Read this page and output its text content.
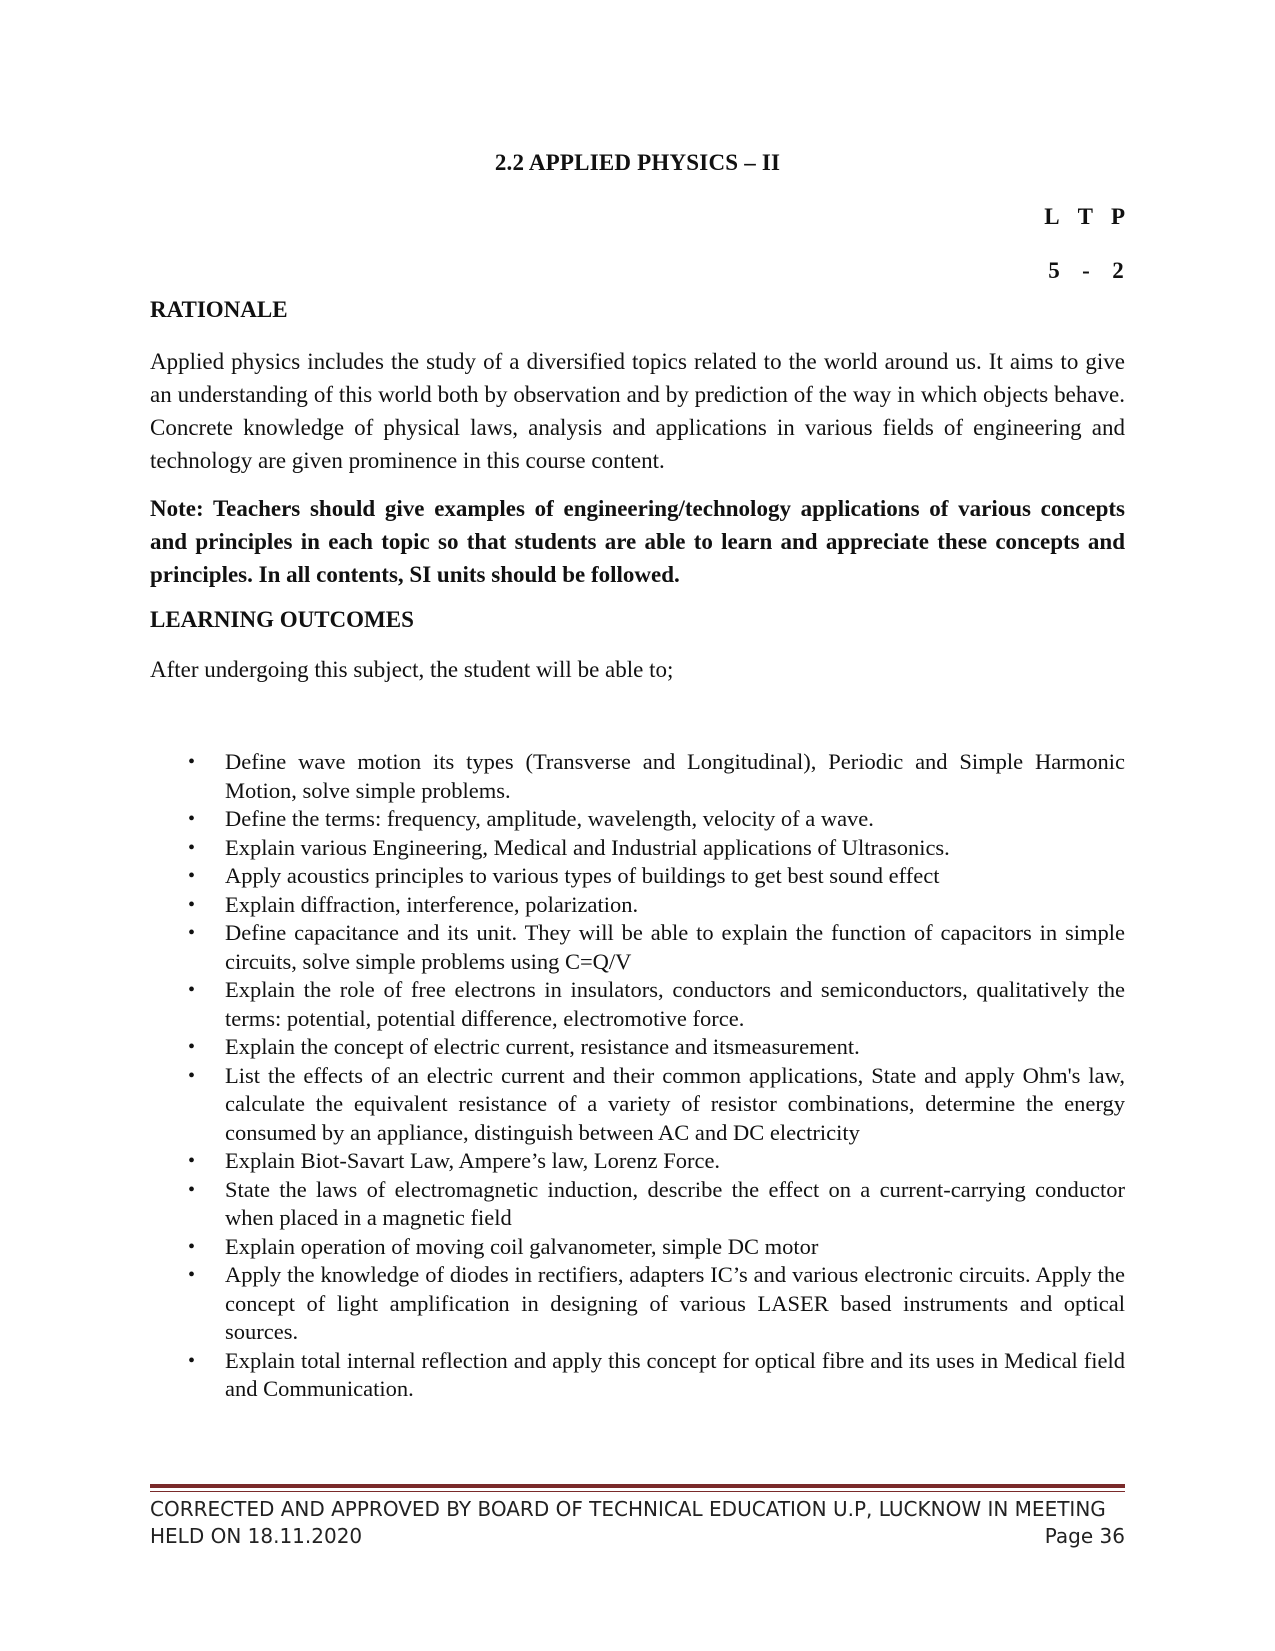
2.2 APPLIED PHYSICS – II
L T P
5 - 2
RATIONALE
Applied physics includes the study of a diversified topics related to the world around us. It aims to give an understanding of this world both by observation and by prediction of the way in which objects behave. Concrete knowledge of physical laws, analysis and applications in various fields of engineering and technology are given prominence in this course content.
Note: Teachers should give examples of engineering/technology applications of various concepts and principles in each topic so that students are able to learn and appreciate these concepts and principles. In all contents, SI units should be followed.
LEARNING OUTCOMES
After undergoing this subject, the student will be able to;
• Define wave motion its types (Transverse and Longitudinal), Periodic and Simple Harmonic Motion, solve simple problems.
• Define the terms: frequency, amplitude, wavelength, velocity of a wave.
• Explain various Engineering, Medical and Industrial applications of Ultrasonics.
• Apply acoustics principles to various types of buildings to get best sound effect
• Explain diffraction, interference, polarization.
• Define capacitance and its unit. They will be able to explain the function of capacitors in simple circuits, solve simple problems using C=Q/V
• Explain the role of free electrons in insulators, conductors and semiconductors, qualitatively the terms: potential, potential difference, electromotive force.
• Explain the concept of electric current, resistance and itsmeasurement.
• List the effects of an electric current and their common applications, State and apply Ohm's law, calculate the equivalent resistance of a variety of resistor combinations, determine the energy consumed by an appliance, distinguish between AC and DC electricity
• Explain Biot-Savart Law, Ampere’s law, Lorenz Force.
• State the laws of electromagnetic induction, describe the effect on a current-carrying conductor when placed in a magnetic field
• Explain operation of moving coil galvanometer, simple DC motor
• Apply the knowledge of diodes in rectifiers, adapters IC’s and various electronic circuits. Apply the concept of light amplification in designing of various LASER based instruments and optical sources.
• Explain total internal reflection and apply this concept for optical fibre and its uses in Medical field and Communication.
CORRECTED AND APPROVED BY BOARD OF TECHNICAL EDUCATION U.P, LUCKNOW IN MEETING
HELD ON 18.11.2020	Page 36
